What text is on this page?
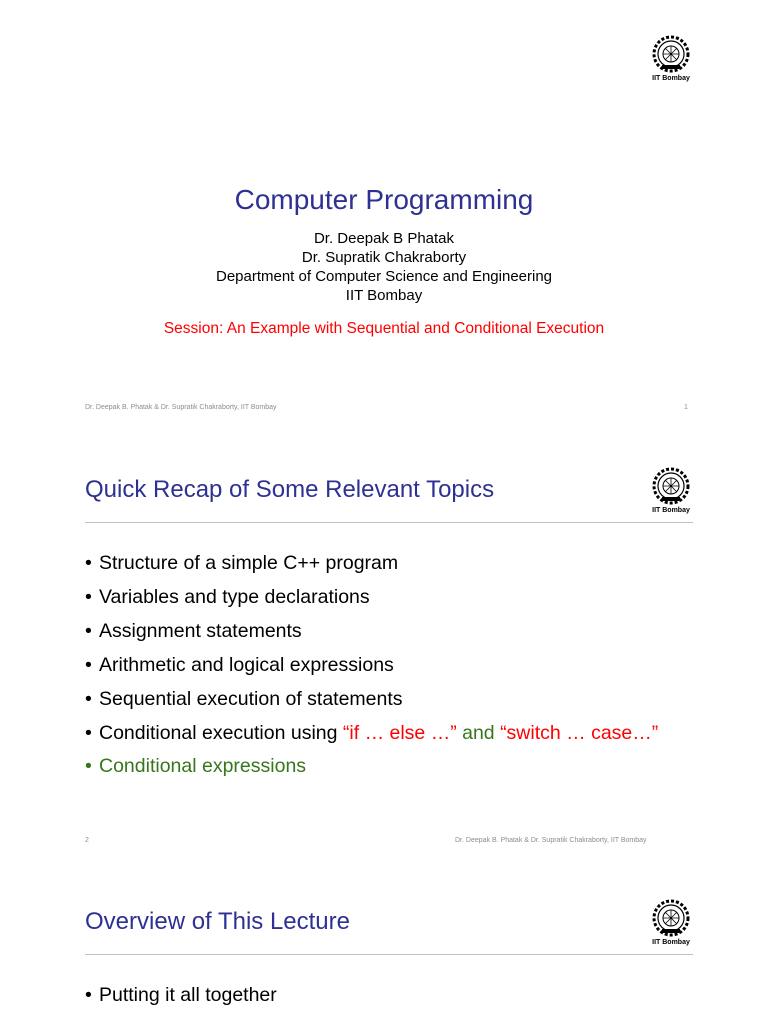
IIT Bombay
Computer Programming
Dr. Deepak B Phatak
Dr. Supratik Chakraborty
Department of Computer Science and Engineering
IIT Bombay
Session: An Example with Sequential and Conditional Execution
Dr. Deepak B. Phatak & Dr. Supratik Chakraborty, IIT Bombay	1
Quick Recap of Some Relevant Topics
IIT Bombay
• Structure of a simple C++ program
• Variables and type declarations
• Assignment statements
• Arithmetic and logical expressions
• Sequential execution of statements
• Conditional execution using “if … else …” and “switch … case…”
• Conditional expressions
2	Dr. Deepak B. Phatak & Dr. Supratik Chakraborty, IIT Bombay
Overview of This Lecture
IIT Bombay
• Putting it all together
